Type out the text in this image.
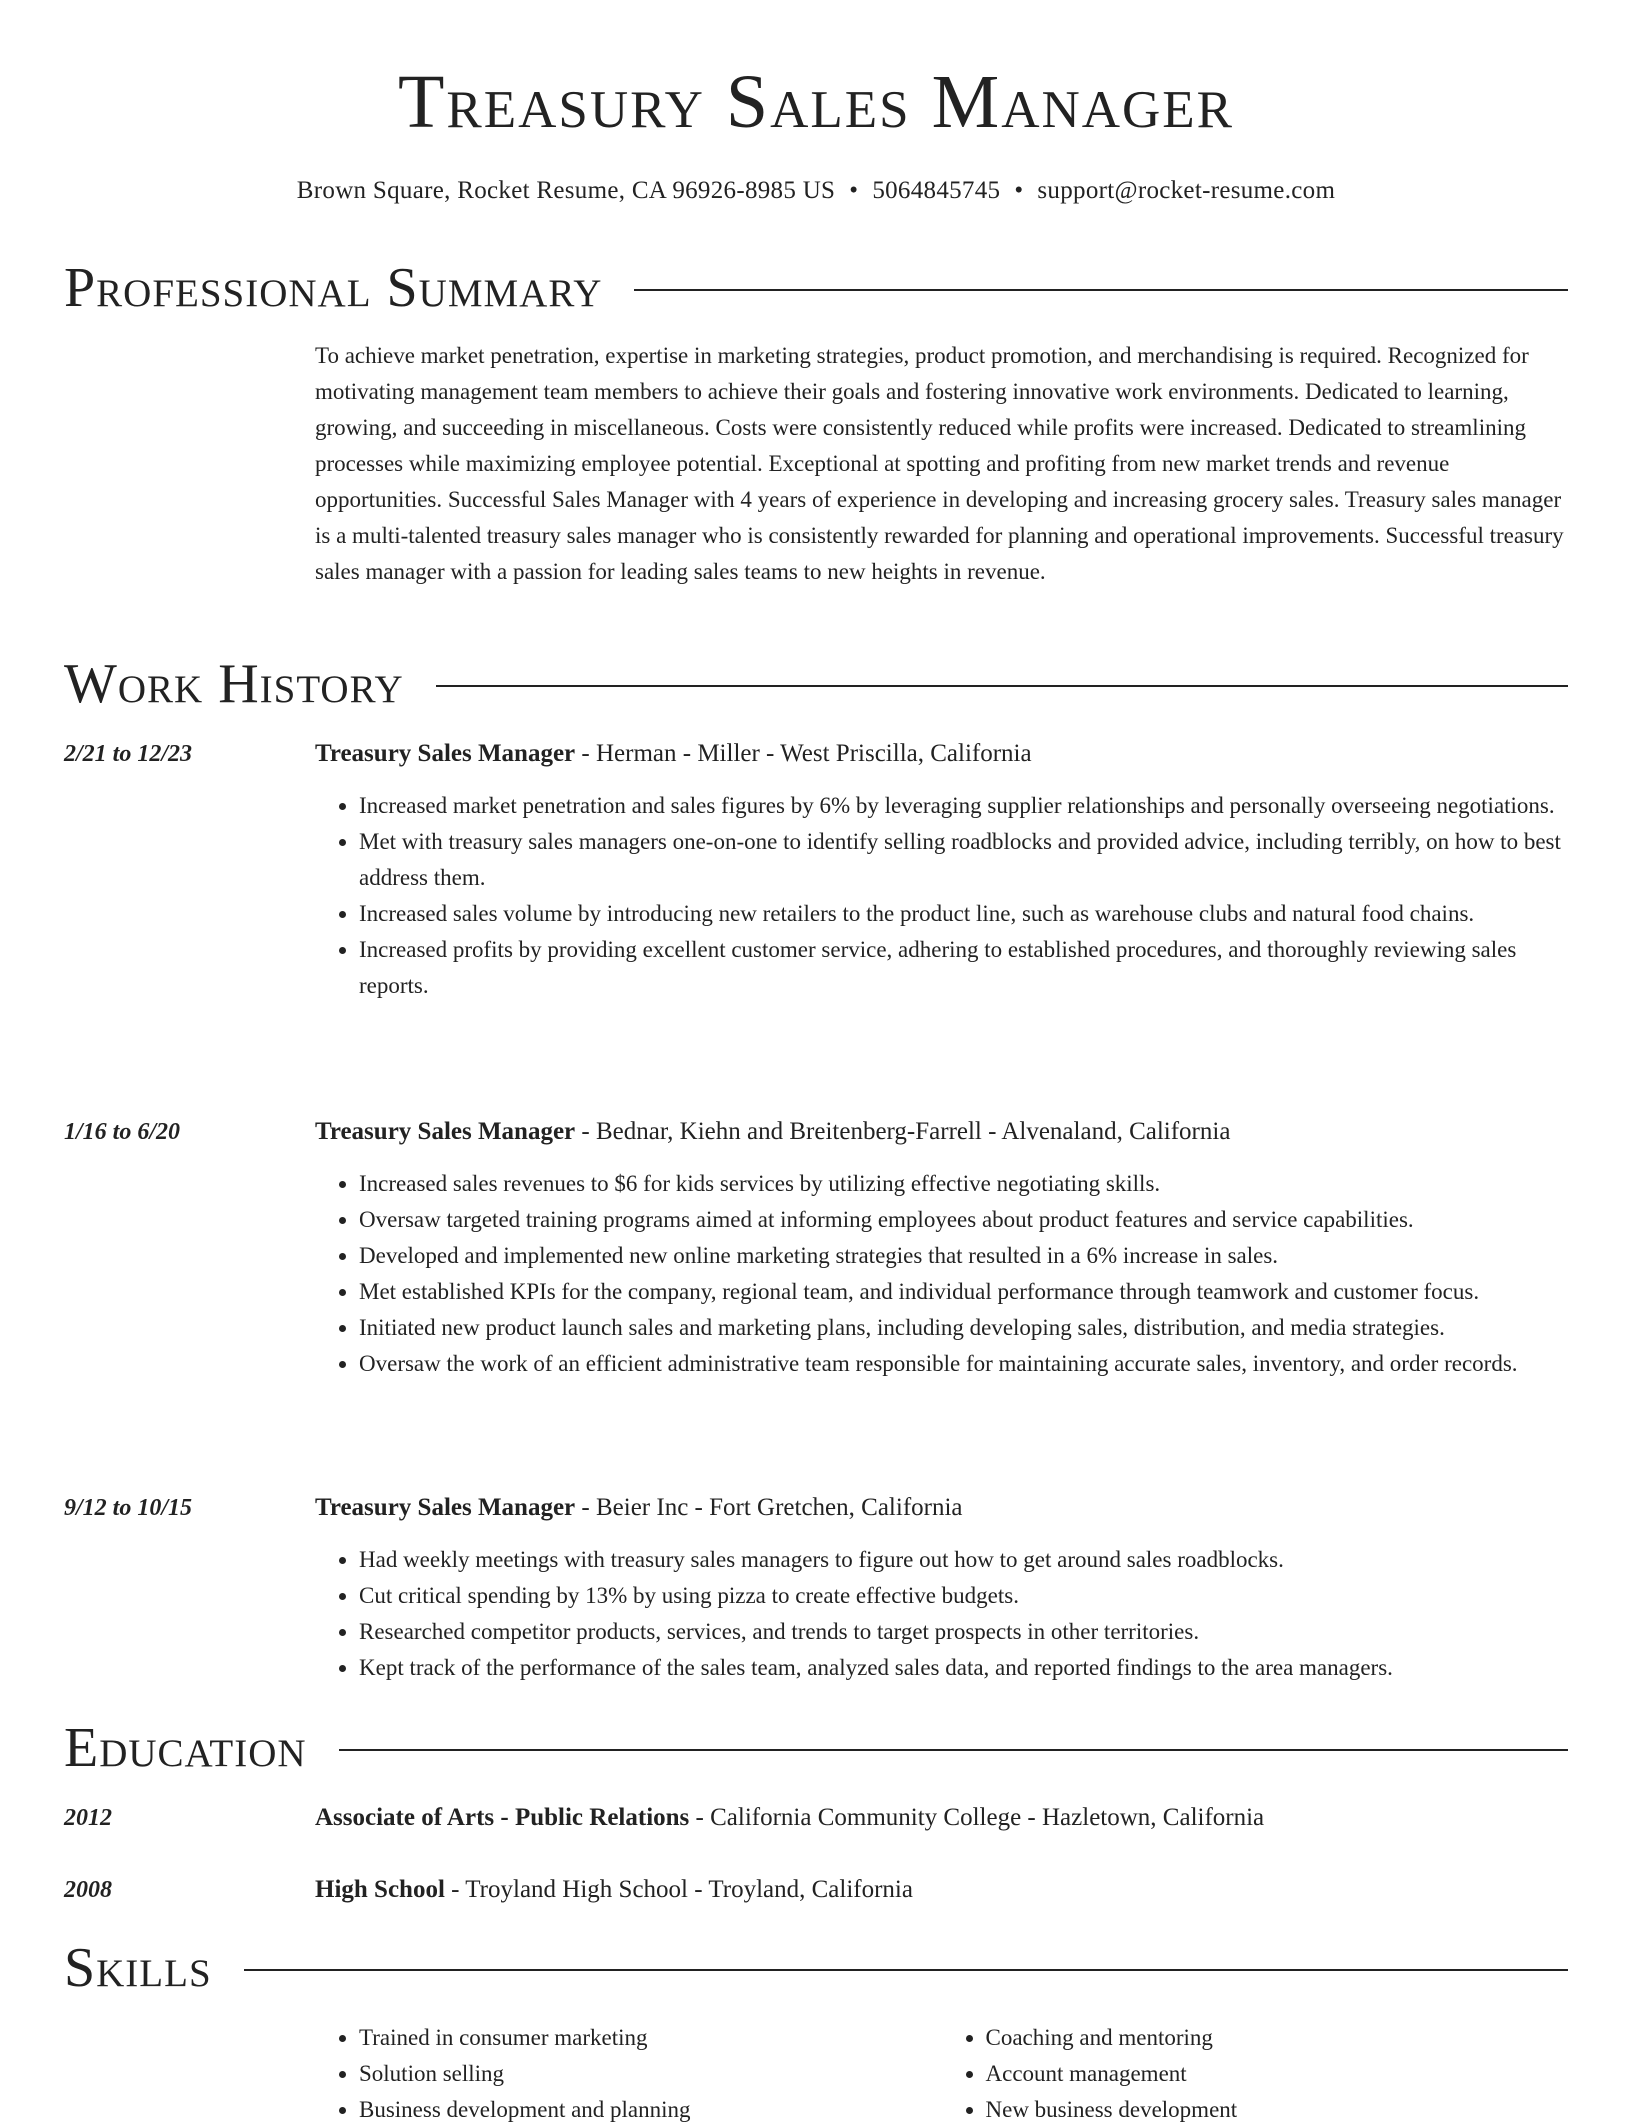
Treasury Sales Manager
Brown Square, Rocket Resume, CA 96926-8985 US • 5064845745 • support@rocket-resume.com
Professional Summary
To achieve market penetration, expertise in marketing strategies, product promotion, and merchandising is required. Recognized for motivating management team members to achieve their goals and fostering innovative work environments. Dedicated to learning, growing, and succeeding in miscellaneous. Costs were consistently reduced while profits were increased. Dedicated to streamlining processes while maximizing employee potential. Exceptional at spotting and profiting from new market trends and revenue opportunities. Successful Sales Manager with 4 years of experience in developing and increasing grocery sales. Treasury sales manager is a multi-talented treasury sales manager who is consistently rewarded for planning and operational improvements. Successful treasury sales manager with a passion for leading sales teams to new heights in revenue.
Work History
2/21 to 12/23	Treasury Sales Manager - Herman - Miller - West Priscilla, California
• Increased market penetration and sales figures by 6% by leveraging supplier relationships and personally overseeing negotiations.
• Met with treasury sales managers one-on-one to identify selling roadblocks and provided advice, including terribly, on how to best address them.
• Increased sales volume by introducing new retailers to the product line, such as warehouse clubs and natural food chains.
• Increased profits by providing excellent customer service, adhering to established procedures, and thoroughly reviewing sales reports.
1/16 to 6/20	Treasury Sales Manager - Bednar, Kiehn and Breitenberg-Farrell - Alvenaland, California
• Increased sales revenues to $6 for kids services by utilizing effective negotiating skills.
• Oversaw targeted training programs aimed at informing employees about product features and service capabilities.
• Developed and implemented new online marketing strategies that resulted in a 6% increase in sales.
• Met established KPIs for the company, regional team, and individual performance through teamwork and customer focus.
• Initiated new product launch sales and marketing plans, including developing sales, distribution, and media strategies.
• Oversaw the work of an efficient administrative team responsible for maintaining accurate sales, inventory, and order records.
9/12 to 10/15	Treasury Sales Manager - Beier Inc - Fort Gretchen, California
• Had weekly meetings with treasury sales managers to figure out how to get around sales roadblocks.
• Cut critical spending by 13% by using pizza to create effective budgets.
• Researched competitor products, services, and trends to target prospects in other territories.
• Kept track of the performance of the sales team, analyzed sales data, and reported findings to the area managers.
Education
2012	Associate of Arts - Public Relations - California Community College - Hazletown, California
2008	High School - Troyland High School - Troyland, California
Skills
• Trained in consumer marketing
• Solution selling
• Business development and planning
• Coaching and mentoring
• Account management
• New business development
